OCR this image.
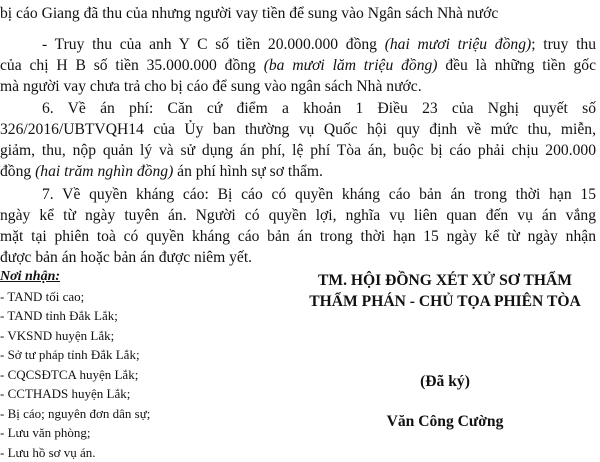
bị cáo Giang đã thu của nhưng người vay tiền để sung vào Ngân sách Nhà nước
- Truy thu của anh Y C số tiền 20.000.000 đồng (hai mươi triệu đồng); truy thu
của chị H B số tiền 35.000.000 đồng (ba mươi lăm triệu đồng) đều là những tiền gốc
mà người vay chưa trả cho bị cáo để sung vào ngân sách Nhà nước.
6. Về án phí: Căn cứ điểm a khoản 1 Điều 23 của Nghị quyết số
326/2016/UBTVQH14 của Ủy ban thường vụ Quốc hội quy định về mức thu, miễn,
giảm, thu, nộp quản lý và sử dụng án phí, lệ phí Tòa án, buộc bị cáo phải chịu 200.000
đồng (hai trăm nghìn đồng) án phí hình sự sơ thẩm.
7. Về quyền kháng cáo: Bị cáo có quyền kháng cáo bản án trong thời hạn 15
ngày kể từ ngày tuyên án. Người có quyền lợi, nghĩa vụ liên quan đến vụ án vắng
mặt tại phiên toà có quyền kháng cáo bản án trong thời hạn 15 ngày kể từ ngày nhận
được bản án hoặc bản án được niêm yết.
Nơi nhận:
- TAND tối cao;
- TAND tỉnh Đắk Lắk;
- VKSND huyện Lắk;
- Sở tư pháp tỉnh Đắk Lắk;
- CQCSĐTCA huyện Lắk;
- CCTHADS huyện Lắk;
- Bị cáo; nguyên đơn dân sự;
- Lưu văn phòng;
- Lưu hồ sơ vụ án.
TM. HỘI ĐỒNG XÉT XỬ SƠ THẨM
THẨM PHÁN - CHỦ TỌA PHIÊN TÒA
(Đã ký)
Văn Công Cường
